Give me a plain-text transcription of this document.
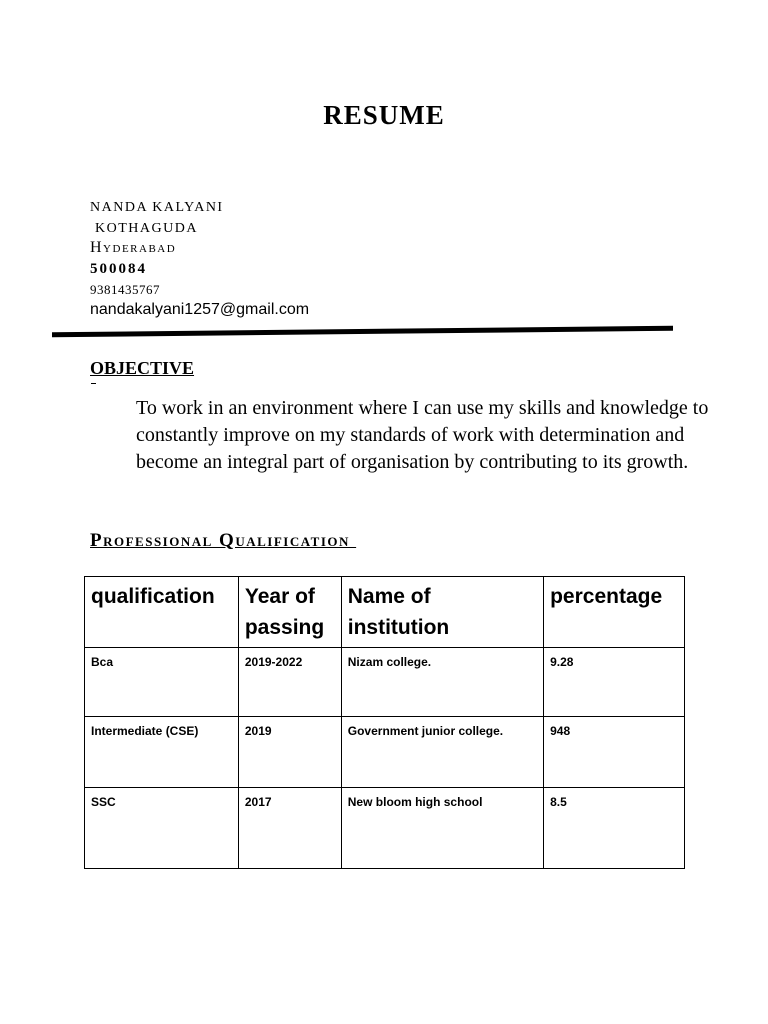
RESUME

NANDA KALYANI

KOTHAGUDA

Hyderabad

500084

9381435767

nandakalyani1257@gmail.com

OBJECTIVE

To work in an environment where I can use my skills and knowledge to constantly improve on my standards of work with determination and become an integral part of organisation by contributing to its growth.

Professional Qualification

qualification	Year of passing	Name of institution	percentage
Bca	2019-2022	Nizam college.	9.28
Intermediate (CSE)	2019	Government junior college.	948
SSC	2017	New bloom high school	8.5
